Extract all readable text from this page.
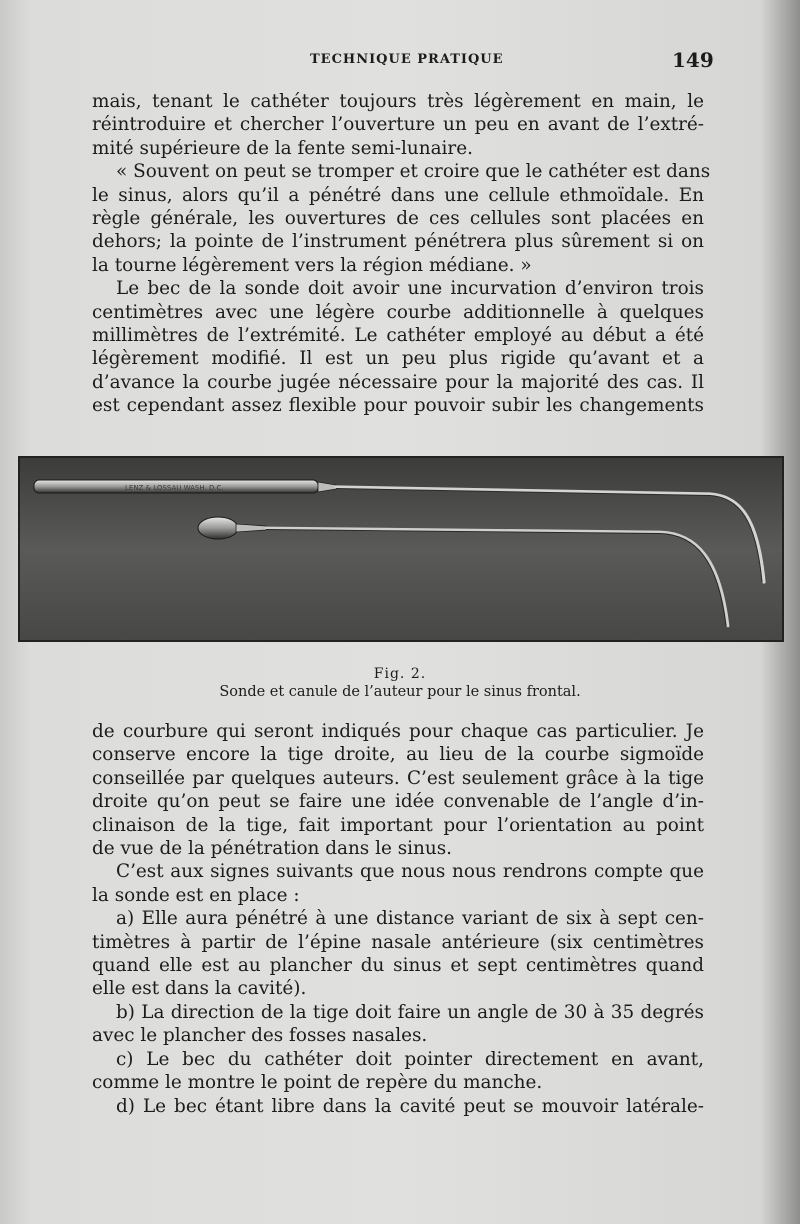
TECHNIQUE PRATIQUE	149
mais, tenant le cathéter toujours très légèrement en main, le
réintroduire et chercher l’ouverture un peu en avant de l’extré-
mité supérieure de la fente semi-lunaire.
« Souvent on peut se tromper et croire que le cathéter est dans
le sinus, alors qu’il a pénétré dans une cellule ethmoïdale. En
règle générale, les ouvertures de ces cellules sont placées en
dehors; la pointe de l’instrument pénétrera plus sûrement si on
la tourne légèrement vers la région médiane. »
Le bec de la sonde doit avoir une incurvation d’environ trois
centimètres avec une légère courbe additionnelle à quelques
millimètres de l’extrémité. Le cathéter employé au début a été
légèrement modifié. Il est un peu plus rigide qu’avant et a
d’avance la courbe jugée nécessaire pour la majorité des cas. Il
est cependant assez flexible pour pouvoir subir les changements
LENZ & LOSSAU WASH. D.C.
Fig. 2.
Sonde et canule de l’auteur pour le sinus frontal.
de courbure qui seront indiqués pour chaque cas particulier. Je
conserve encore la tige droite, au lieu de la courbe sigmoïde
conseillée par quelques auteurs. C’est seulement grâce à la tige
droite qu’on peut se faire une idée convenable de l’angle d’in-
clinaison de la tige, fait important pour l’orientation au point
de vue de la pénétration dans le sinus.
C’est aux signes suivants que nous nous rendrons compte que
la sonde est en place :
a) Elle aura pénétré à une distance variant de six à sept cen-
timètres à partir de l’épine nasale antérieure (six centimètres
quand elle est au plancher du sinus et sept centimètres quand
elle est dans la cavité).
b) La direction de la tige doit faire un angle de 30 à 35 degrés
avec le plancher des fosses nasales.
c) Le bec du cathéter doit pointer directement en avant,
comme le montre le point de repère du manche.
d) Le bec étant libre dans la cavité peut se mouvoir latérale-
